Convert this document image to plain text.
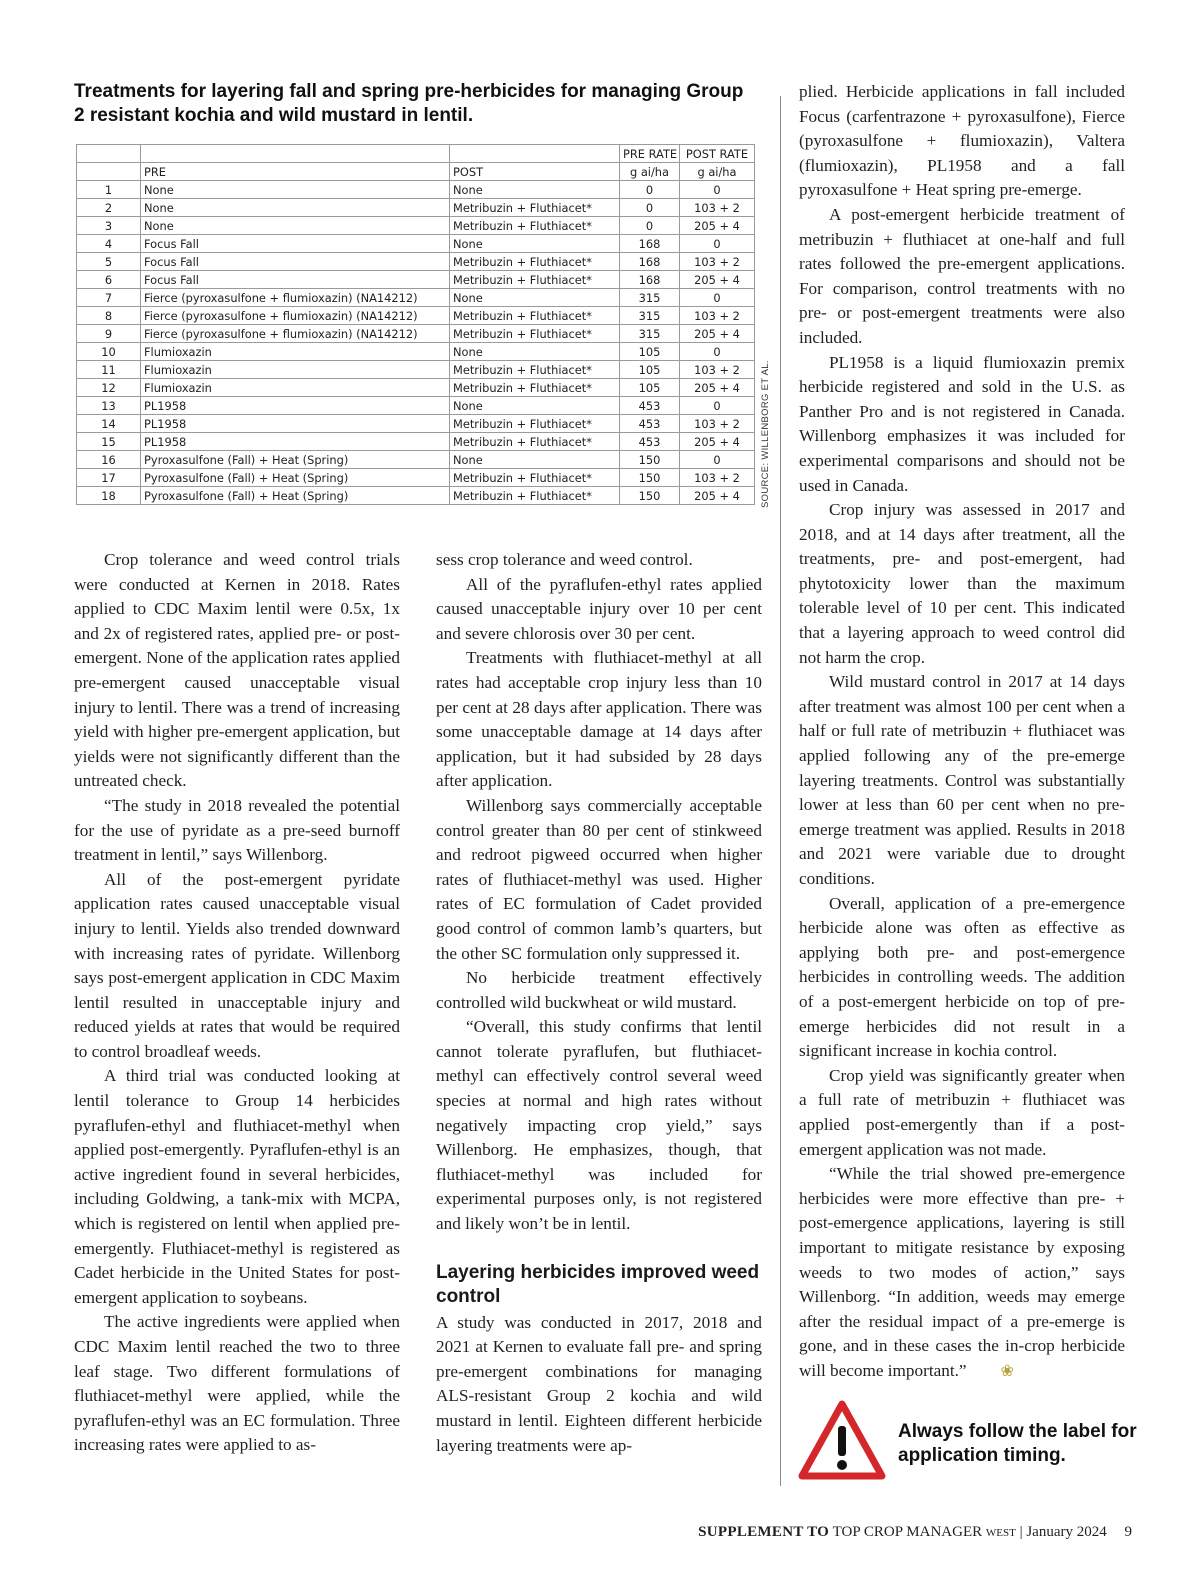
Treatments for layering fall and spring pre-herbicides for managing Group 2 resistant kochia and wild mustard in lentil.
			PRE RATE	POST RATE
	PRE	POST	g ai/ha	g ai/ha
1	None	None	0	0
2	None	Metribuzin + Fluthiacet*	0	103 + 2
3	None	Metribuzin + Fluthiacet*	0	205 + 4
4	Focus Fall	None	168	0
5	Focus Fall	Metribuzin + Fluthiacet*	168	103 + 2
6	Focus Fall	Metribuzin + Fluthiacet*	168	205 + 4
7	Fierce (pyroxasulfone + flumioxazin) (NA14212)	None	315	0
8	Fierce (pyroxasulfone + flumioxazin) (NA14212)	Metribuzin + Fluthiacet*	315	103 + 2
9	Fierce (pyroxasulfone + flumioxazin) (NA14212)	Metribuzin + Fluthiacet*	315	205 + 4
10	Flumioxazin	None	105	0
11	Flumioxazin	Metribuzin + Fluthiacet*	105	103 + 2
12	Flumioxazin	Metribuzin + Fluthiacet*	105	205 + 4
13	PL1958	None	453	0
14	PL1958	Metribuzin + Fluthiacet*	453	103 + 2
15	PL1958	Metribuzin + Fluthiacet*	453	205 + 4
16	Pyroxasulfone (Fall) + Heat (Spring)	None	150	0
17	Pyroxasulfone (Fall) + Heat (Spring)	Metribuzin + Fluthiacet*	150	103 + 2
18	Pyroxasulfone (Fall) + Heat (Spring)	Metribuzin + Fluthiacet*	150	205 + 4 SOURCE: WILLENBORG ET AL.

Crop tolerance and weed control trials were conducted at Kernen in 2018. Rates applied to CDC Maxim lentil were 0.5x, 1x and 2x of registered rates, applied pre- or post-emergent. None of the application rates applied pre-emergent caused unacceptable visual injury to lentil. There was a trend of increasing yield with higher pre-emergent application, but yields were not significantly different than the untreated check.

“The study in 2018 revealed the potential for the use of pyridate as a pre-seed burnoff treatment in lentil,” says Willenborg.

All of the post-emergent pyridate application rates caused unacceptable visual injury to lentil. Yields also trended downward with increasing rates of pyridate. Willenborg says post-emergent application in CDC Maxim lentil resulted in unacceptable injury and reduced yields at rates that would be required to control broadleaf weeds.

A third trial was conducted looking at lentil tolerance to Group 14 herbicides pyraflufen-ethyl and fluthiacet-methyl when applied post-emergently. Pyraflufen-ethyl is an active ingredient found in several herbicides, including Goldwing, a tank-mix with MCPA, which is registered on lentil when applied pre-emergently. Fluthiacet-methyl is registered as Cadet herbicide in the United States for post-emergent application to soybeans.

The active ingredients were applied when CDC Maxim lentil reached the two to three leaf stage. Two different formulations of fluthiacet-methyl were applied, while the pyraflufen-ethyl was an EC formulation. Three increasing rates were applied to as-

sess crop tolerance and weed control.

All of the pyraflufen-ethyl rates applied caused unacceptable injury over 10 per cent and severe chlorosis over 30 per cent.

Treatments with fluthiacet-methyl at all rates had acceptable crop injury less than 10 per cent at 28 days after application. There was some unacceptable damage at 14 days after application, but it had subsided by 28 days after application.

Willenborg says commercially acceptable control greater than 80 per cent of stinkweed and redroot pigweed occurred when higher rates of fluthiacet-methyl was used. Higher rates of EC formulation of Cadet provided good control of common lamb’s quarters, but the other SC formulation only suppressed it.

No herbicide treatment effectively controlled wild buckwheat or wild mustard.

“Overall, this study confirms that lentil cannot tolerate pyraflufen, but fluthiacet-methyl can effectively control several weed species at normal and high rates without negatively impacting crop yield,” says Willenborg. He emphasizes, though, that fluthiacet-methyl was included for experimental purposes only, is not registered and likely won’t be in lentil.

Layering herbicides improved weed control

A study was conducted in 2017, 2018 and 2021 at Kernen to evaluate fall pre- and spring pre-emergent combinations for managing ALS-resistant Group 2 kochia and wild mustard in lentil. Eighteen different herbicide layering treatments were ap-

plied. Herbicide applications in fall included Focus (carfentrazone + pyroxasulfone), Fierce (pyroxasulfone + flumioxazin), Valtera (flumioxazin), PL1958 and a fall pyroxasulfone + Heat spring pre-emerge.

A post-emergent herbicide treatment of metribuzin + fluthiacet at one-half and full rates followed the pre-emergent applications. For comparison, control treatments with no pre- or post-emergent treatments were also included.

PL1958 is a liquid flumioxazin premix herbicide registered and sold in the U.S. as Panther Pro and is not registered in Canada. Willenborg emphasizes it was included for experimental comparisons and should not be used in Canada.

Crop injury was assessed in 2017 and 2018, and at 14 days after treatment, all the treatments, pre- and post-emergent, had phytotoxicity lower than the maximum tolerable level of 10 per cent. This indicated that a layering approach to weed control did not harm the crop.

Wild mustard control in 2017 at 14 days after treatment was almost 100 per cent when a half or full rate of metribuzin + fluthiacet was applied following any of the pre-emerge layering treatments. Control was substantially lower at less than 60 per cent when no pre-emerge treatment was applied. Results in 2018 and 2021 were variable due to drought conditions.

Overall, application of a pre-emergence herbicide alone was often as effective as applying both pre- and post-emergence herbicides in controlling weeds. The addition of a post-emergent herbicide on top of pre-emerge herbicides did not result in a significant increase in kochia control.

Crop yield was significantly greater when a full rate of metribuzin + fluthiacet was applied post-emergently than if a post-emergent application was not made.

“While the trial showed pre-emergence herbicides were more effective than pre- + post-emergence applications, layering is still important to mitigate resistance by exposing weeds to two modes of action,” says Willenborg. “In addition, weeds may emerge after the residual impact of a pre-emerge is gone, and in these cases the in-crop herbicide will become important.” ❀

Always follow the label for application timing.
SUPPLEMENT TO TOP CROP MANAGER WEST | January 2024 9
